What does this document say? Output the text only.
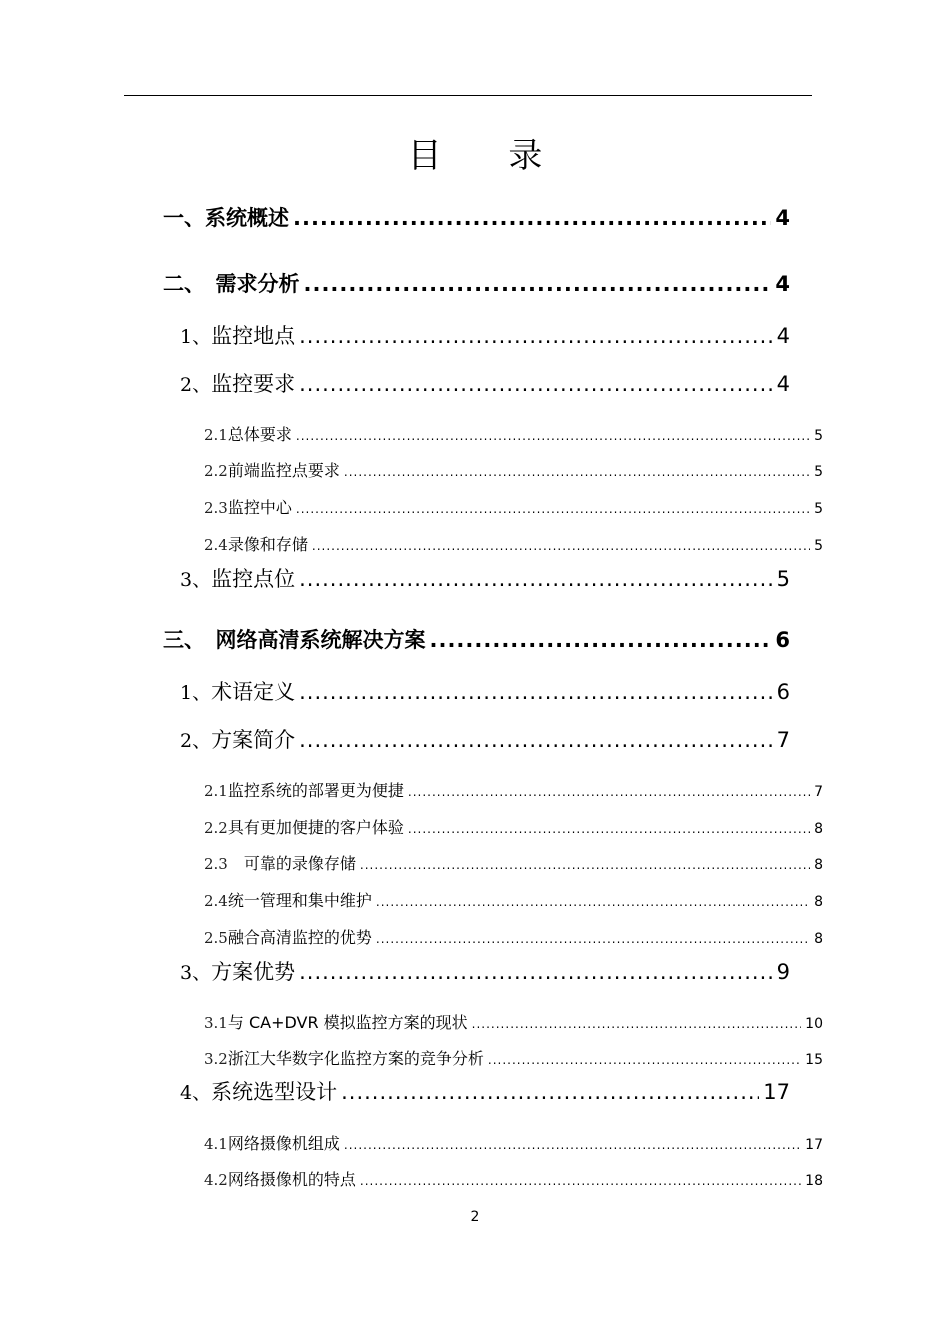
目 录
一、 系统概述 .....	4
二、　 需求分析 .....	4
1、 监控地点 .....	4
2、 监控要求 .....	4
2.1 总体要求 .....	5
2.2 前端监控点要求 .....	5
2.3 监控中心 .....	5
2.4 录像和存储 .....	5
3、 监控点位 .....	5
三、　 网络高清系统解决方案 .....	6
1、 术语定义 .....	6
2、 方案简介 .....	7
2.1 监控系统的部署更为便捷 .....	7
2.2 具有更加便捷的客户体验 .....	8
2.3 　可靠的录像存储 .....	8
2.4 统一管理和集中维护 .....	8
2.5 融合高清监控的优势 .....	8
3、 方案优势 .....	9
3.1 与 CA+DVR 模拟监控方案的现状 .....	10
3.2 浙江大华数字化监控方案的竞争分析 .....	15
4、 系统选型设计 .....	17
4.1 网络摄像机组成 .....	17
4.2 网络摄像机的特点 .....	18
2
